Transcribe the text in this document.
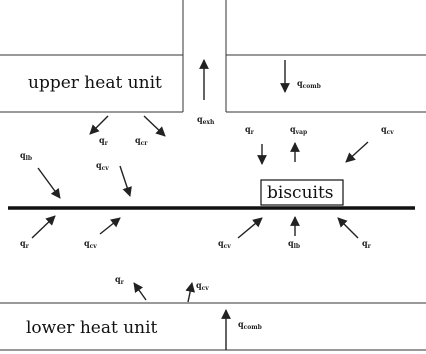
upper heat unit
biscuits
lower heat unit
qcomb
qexh
qr	qcr
qlb
qcv
qr	qvap	qcv
qr	qcv	qcv	qlb	qr
qr	qcv
qcomb
